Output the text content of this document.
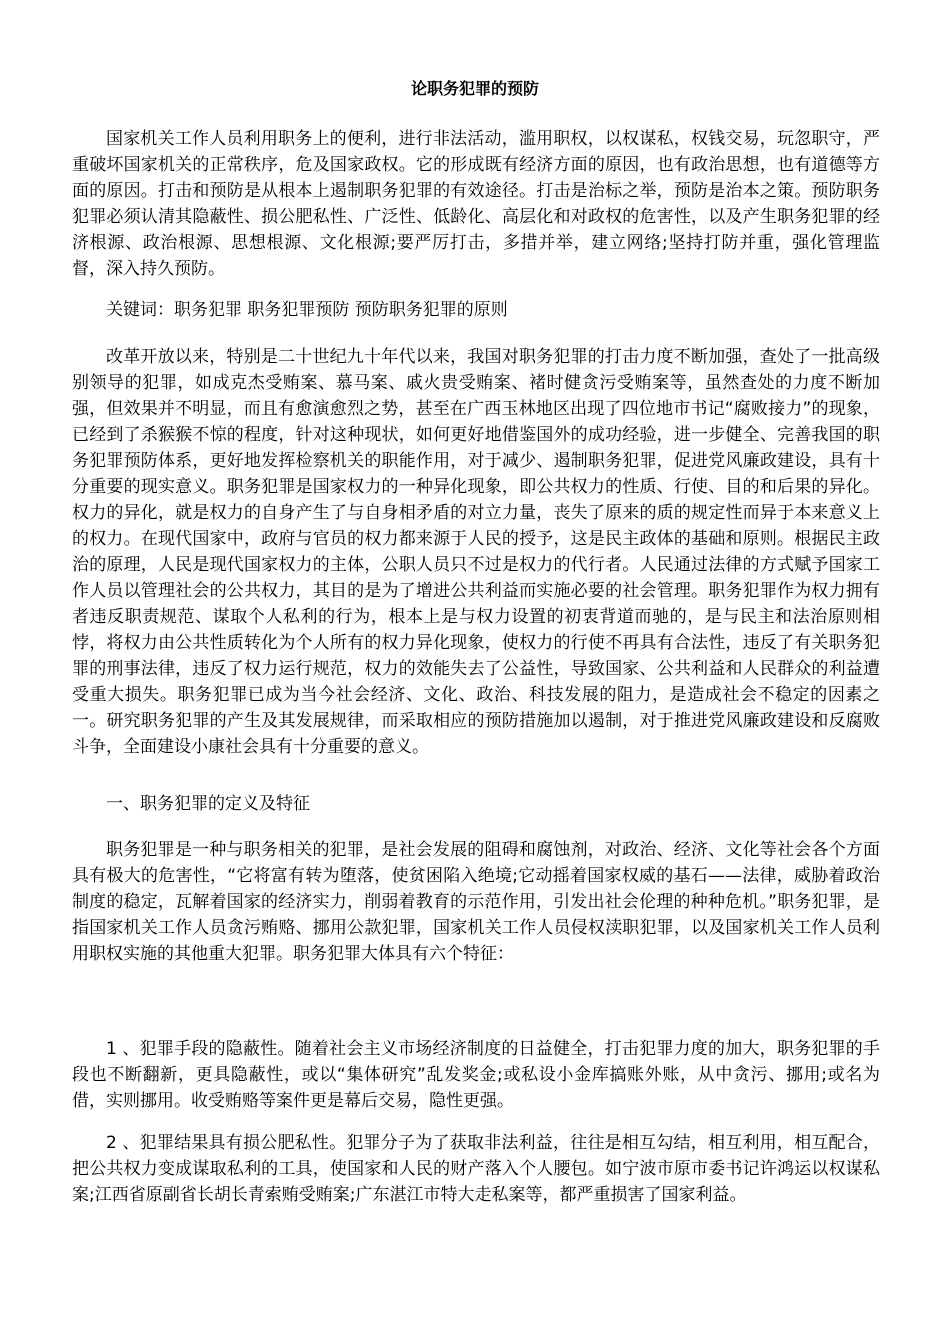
论职务犯罪的预防

国家机关工作人员利用职务上的便利，进行非法活动，滥用职权，以权谋私，权钱交易，玩忽职守，严重破坏国家机关的正常秩序，危及国家政权。它的形成既有经济方面的原因，也有政治思想，也有道德等方面的原因。打击和预防是从根本上遏制职务犯罪的有效途径。打击是治标之举，预防是治本之策。预防职务犯罪必须认清其隐蔽性、损公肥私性、广泛性、低龄化、高层化和对政权的危害性，以及产生职务犯罪的经济根源、政治根源、思想根源、文化根源;要严厉打击，多措并举，建立网络;坚持打防并重，强化管理监督，深入持久预防。

关键词：职务犯罪 职务犯罪预防 预防职务犯罪的原则

改革开放以来，特别是二十世纪九十年代以来，我国对职务犯罪的打击力度不断加强，查处了一批高级别领导的犯罪，如成克杰受贿案、慕马案、戚火贵受贿案、褚时健贪污受贿案等，虽然查处的力度不断加强，但效果并不明显，而且有愈演愈烈之势，甚至在广西玉林地区出现了四位地市书记“腐败接力”的现象，已经到了杀猴猴不惊的程度，针对这种现状，如何更好地借鉴国外的成功经验，进一步健全、完善我国的职务犯罪预防体系，更好地发挥检察机关的职能作用，对于减少、遏制职务犯罪，促进党风廉政建设，具有十分重要的现实意义。职务犯罪是国家权力的一种异化现象，即公共权力的性质、行使、目的和后果的异化。权力的异化，就是权力的自身产生了与自身相矛盾的对立力量，丧失了原来的质的规定性而异于本来意义上的权力。在现代国家中，政府与官员的权力都来源于人民的授予，这是民主政体的基础和原则。根据民主政治的原理，人民是现代国家权力的主体，公职人员只不过是权力的代行者。人民通过法律的方式赋予国家工作人员以管理社会的公共权力，其目的是为了增进公共利益而实施必要的社会管理。职务犯罪作为权力拥有者违反职责规范、谋取个人私利的行为，根本上是与权力设置的初衷背道而驰的，是与民主和法治原则相悖，将权力由公共性质转化为个人所有的权力异化现象，使权力的行使不再具有合法性，违反了有关职务犯罪的刑事法律，违反了权力运行规范，权力的效能失去了公益性，导致国家、公共利益和人民群众的利益遭受重大损失。职务犯罪已成为当今社会经济、文化、政治、科技发展的阻力，是造成社会不稳定的因素之一。研究职务犯罪的产生及其发展规律，而采取相应的预防措施加以遏制，对于推进党风廉政建设和反腐败斗争，全面建设小康社会具有十分重要的意义。

一、职务犯罪的定义及特征

职务犯罪是一种与职务相关的犯罪，是社会发展的阻碍和腐蚀剂，对政治、经济、文化等社会各个方面具有极大的危害性，“它将富有转为堕落，使贫困陷入绝境;它动摇着国家权威的基石——法律，威胁着政治制度的稳定，瓦解着国家的经济实力，削弱着教育的示范作用，引发出社会伦理的种种危机。”职务犯罪，是指国家机关工作人员贪污贿赂、挪用公款犯罪，国家机关工作人员侵权渎职犯罪，以及国家机关工作人员利用职权实施的其他重大犯罪。职务犯罪大体具有六个特征：

1 、犯罪手段的隐蔽性。随着社会主义市场经济制度的日益健全，打击犯罪力度的加大，职务犯罪的手段也不断翻新，更具隐蔽性，或以“集体研究”乱发奖金;或私设小金库搞账外账，从中贪污、挪用;或名为借，实则挪用。收受贿赂等案件更是幕后交易，隐性更强。

2 、犯罪结果具有损公肥私性。犯罪分子为了获取非法利益，往往是相互勾结，相互利用，相互配合，把公共权力变成谋取私利的工具，使国家和人民的财产落入个人腰包。如宁波市原市委书记许鸿运以权谋私案;江西省原副省长胡长青索贿受贿案;广东湛江市特大走私案等，都严重损害了国家利益。
